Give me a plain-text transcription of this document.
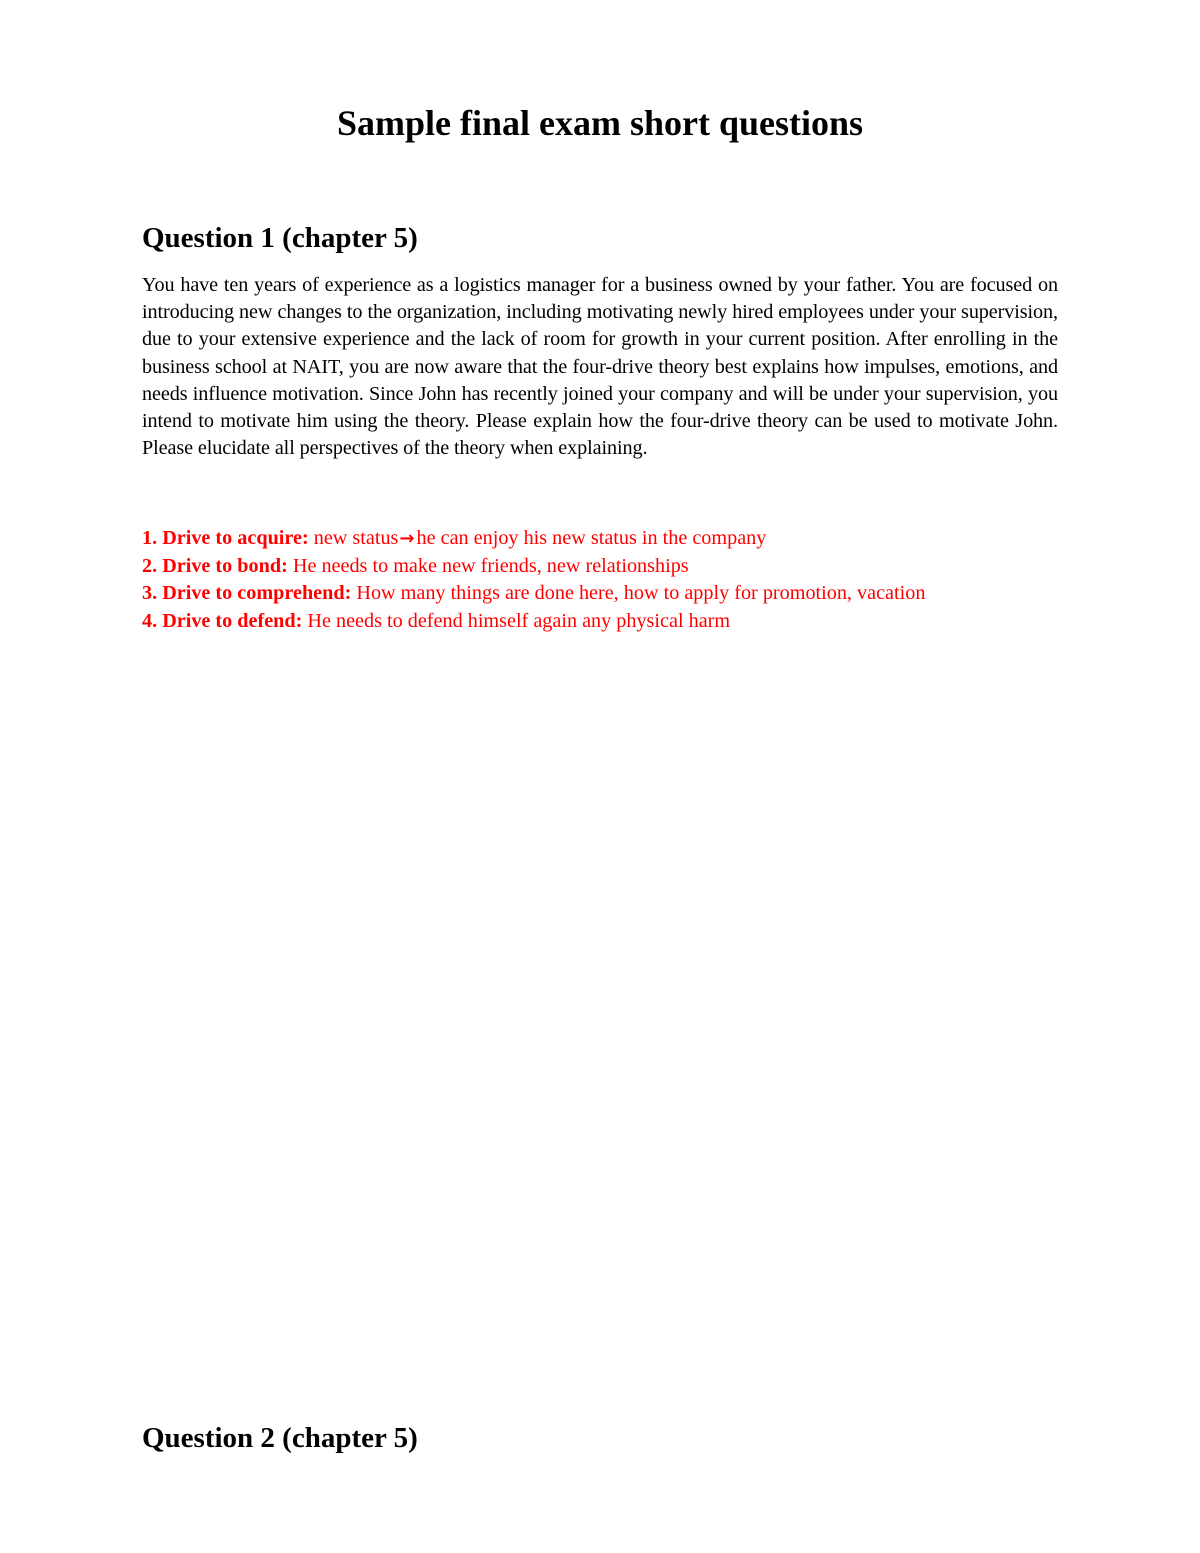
Sample final exam short questions
Question 1 (chapter 5)

You have ten years of experience as a logistics manager for a business owned by your father. You are focused on introducing new changes to the organization, including motivating newly hired employees under your supervision, due to your extensive experience and the lack of room for growth in your current position. After enrolling in the business school at NAIT, you are now aware that the four-drive theory best explains how impulses, emotions, and needs influence motivation. Since John has recently joined your company and will be under your supervision, you intend to motivate him using the theory. Please explain how the four-drive theory can be used to motivate John. Please elucidate all perspectives of the theory when explaining.

1. Drive to acquire: new status→he can enjoy his new status in the company
2. Drive to bond: He needs to make new friends, new relationships
3. Drive to comprehend: How many things are done here, how to apply for promotion, vacation
4. Drive to defend: He needs to defend himself again any physical harm
Question 2 (chapter 5)
